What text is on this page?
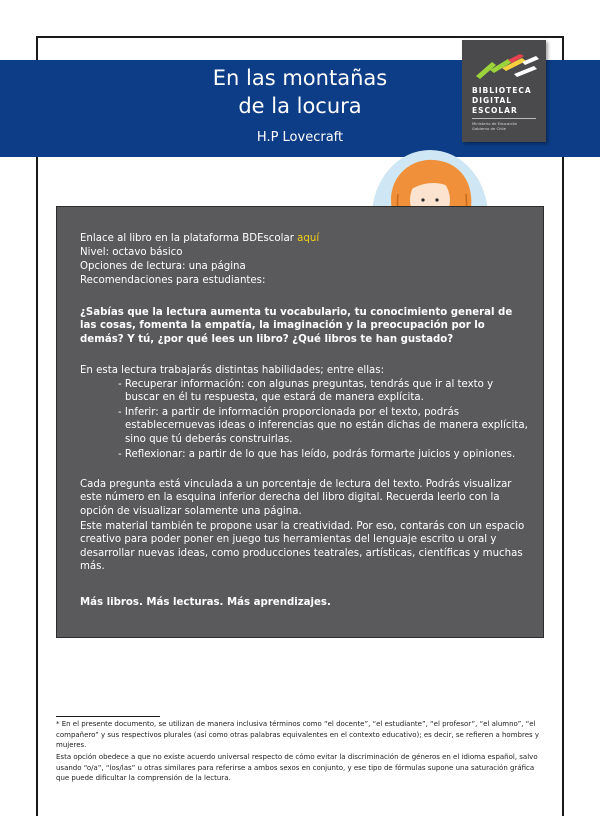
En las montañas
de la locura
H.P Lovecraft
BIBLIOTECA
DIGITAL
ESCOLAR
Ministerio de Educación
Gobierno de Chile
Enlace al libro en la plataforma BDEscolar aquí
Nivel: octavo básico
Opciones de lectura: una página
Recomendaciones para estudiantes:
¿Sabías que la lectura aumenta tu vocabulario, tu conocimiento general de las cosas, fomenta la empatía, la imaginación y la preocupación por lo demás? Y tú, ¿por qué lees un libro? ¿Qué libros te han gustado?
En esta lectura trabajarás distintas habilidades; entre ellas:
- Recuperar información: con algunas preguntas, tendrás que ir al texto y buscar en él tu respuesta, que estará de manera explícita.
- Inferir: a partir de información proporcionada por el texto, podrás establecernuevas ideas o inferencias que no están dichas de manera explícita, sino que tú deberás construirlas.
- Reflexionar: a partir de lo que has leído, podrás formarte juicios y opiniones.
Cada pregunta está vinculada a un porcentaje de lectura del texto. Podrás visualizar este número en la esquina inferior derecha del libro digital. Recuerda leerlo con la opción de visualizar solamente una página.
Este material también te propone usar la creatividad. Por eso, contarás con un espacio creativo para poder poner en juego tus herramientas del lenguaje escrito u oral y desarrollar nuevas ideas, como producciones teatrales, artísticas, científicas y muchas más.
Más libros. Más lecturas. Más aprendizajes.
* En el presente documento, se utilizan de manera inclusiva términos como “el docente”, “el estudiante”, “el profesor”, “el alumno”, “el compañero” y sus respectivos plurales (así como otras palabras equivalentes en el contexto educativo); es decir, se refieren a hombres y mujeres.
Esta opción obedece a que no existe acuerdo universal respecto de cómo evitar la discriminación de géneros en el idioma español, salvo usando “o/a”, “los/las” u otras similares para referirse a ambos sexos en conjunto, y ese tipo de fórmulas supone una saturación gráfica que puede dificultar la comprensión de la lectura.
